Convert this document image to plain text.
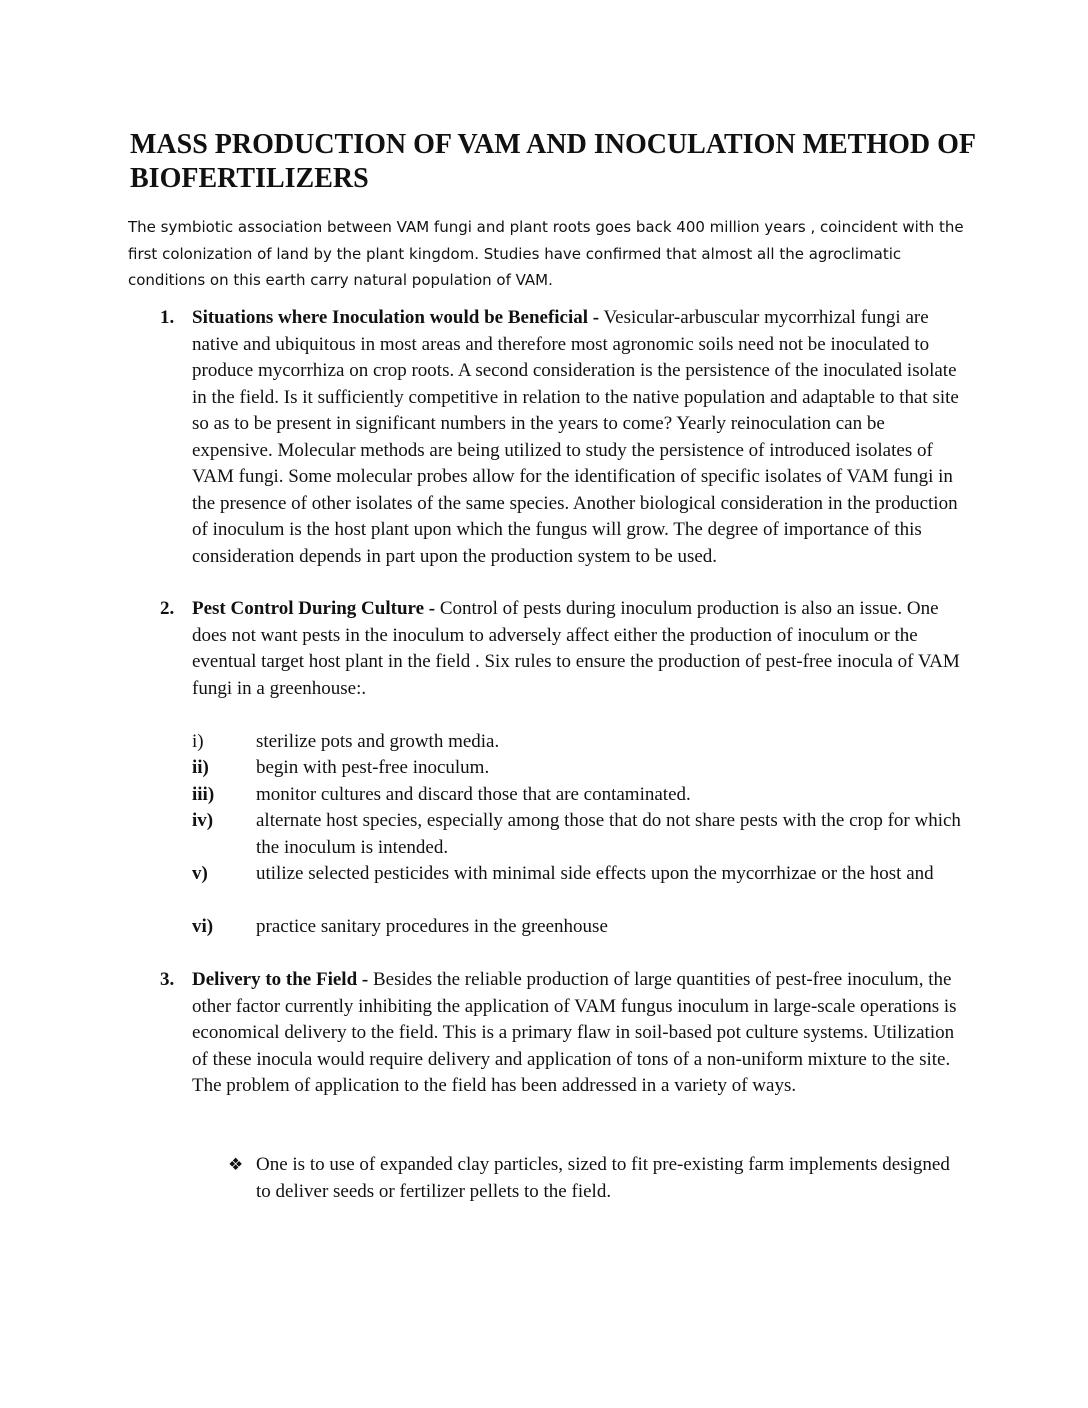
MASS PRODUCTION OF VAM AND INOCULATION METHOD OF BIOFERTILIZERS

The symbiotic association between VAM fungi and plant roots goes back 400 million years , coincident with the first colonization of land by the plant kingdom. Studies have confirmed that almost all the agroclimatic conditions on this earth carry natural population of VAM.

1. Situations where Inoculation would be Beneficial - Vesicular-arbuscular mycorrhizal fungi are native and ubiquitous in most areas and therefore most agronomic soils need not be inoculated to produce mycorrhiza on crop roots. A second consideration is the persistence of the inoculated isolate in the field. Is it sufficiently competitive in relation to the native population and adaptable to that site so as to be present in significant numbers in the years to come? Yearly reinoculation can be expensive. Molecular methods are being utilized to study the persistence of introduced isolates of VAM fungi. Some molecular probes allow for the identification of specific isolates of VAM fungi in the presence of other isolates of the same species. Another biological consideration in the production of inoculum is the host plant upon which the fungus will grow. The degree of importance of this consideration depends in part upon the production system to be used.
2. Pest Control During Culture - Control of pests during inoculum production is also an issue. One does not want pests in the inoculum to adversely affect either the production of inoculum or the eventual target host plant in the field . Six rules to ensure the production of pest-free inocula of VAM fungi in a greenhouse:.
i)	sterilize pots and growth media.
ii) begin with pest-free inoculum.
iii) monitor cultures and discard those that are contaminated.
iv) alternate host species, especially among those that do not share pests with the crop for which the inoculum is intended.
v)	utilize selected pesticides with minimal side effects upon the mycorrhizae or the host and
vi) practice sanitary procedures in the greenhouse
3. Delivery to the Field - Besides the reliable production of large quantities of pest-free inoculum, the other factor currently inhibiting the application of VAM fungus inoculum in large-scale operations is economical delivery to the field. This is a primary flaw in soil-based pot culture systems. Utilization of these inocula would require delivery and application of tons of a non-uniform mixture to the site. The problem of application to the field has been addressed in a variety of ways.
❖ One is to use of expanded clay particles, sized to fit pre-existing farm implements designed to deliver seeds or fertilizer pellets to the field.
